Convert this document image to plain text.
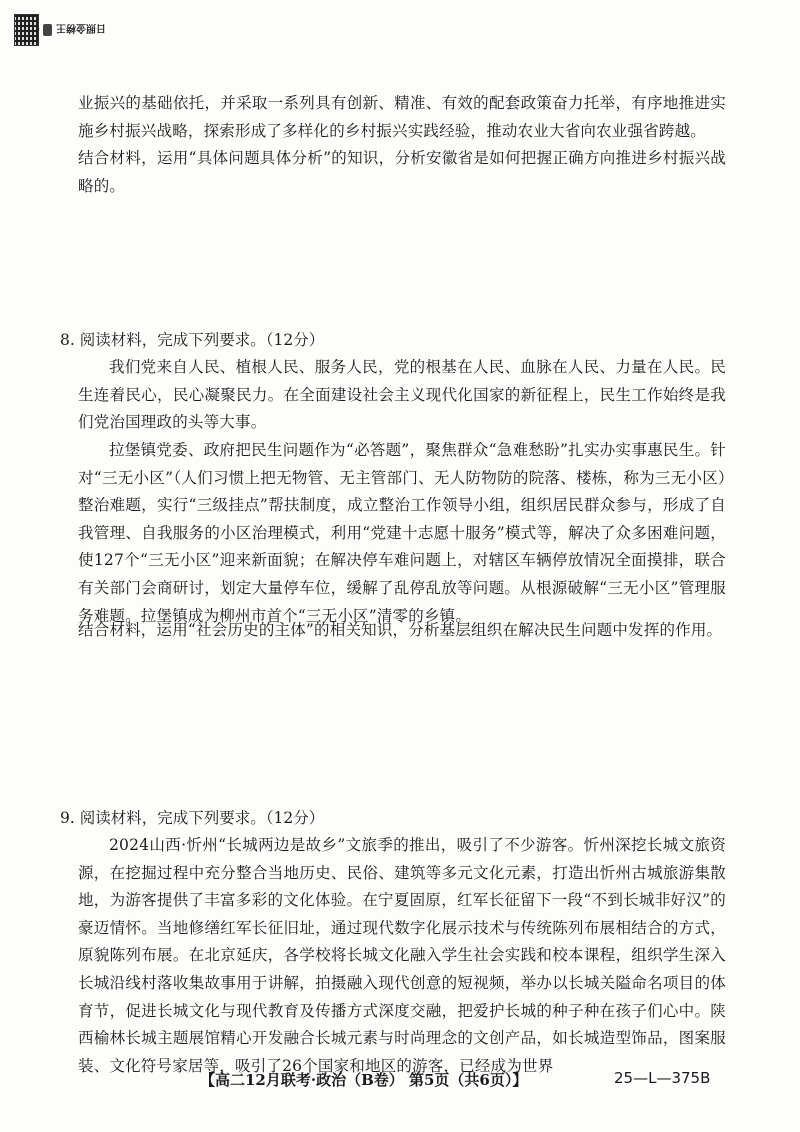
日照金榜王

业振兴的基础依托，并采取一系列具有创新、精准、有效的配套政策奋力托举，有序地推进实施乡村振兴战略，探索形成了多样化的乡村振兴实践经验，推动农业大省向农业强省跨越。

结合材料，运用“具体问题具体分析”的知识，分析安徽省是如何把握正确方向推进乡村振兴战略的。

8. 阅读材料，完成下列要求。（12分）

我们党来自人民、植根人民、服务人民，党的根基在人民、血脉在人民、力量在人民。民生连着民心，民心凝聚民力。在全面建设社会主义现代化国家的新征程上，民生工作始终是我们党治国理政的头等大事。

拉堡镇党委、政府把民生问题作为“必答题”，聚焦群众“急难愁盼”扎实办实事惠民生。针对“三无小区”（人们习惯上把无物管、无主管部门、无人防物防的院落、楼栋，称为三无小区）整治难题，实行“三级挂点”帮扶制度，成立整治工作领导小组，组织居民群众参与，形成了自我管理、自我服务的小区治理模式，利用“党建十志愿十服务”模式等，解决了众多困难问题，使127个“三无小区”迎来新面貌；在解决停车难问题上，对辖区车辆停放情况全面摸排，联合有关部门会商研讨，划定大量停车位，缓解了乱停乱放等问题。从根源破解“三无小区”管理服务难题。拉堡镇成为柳州市首个“三无小区”清零的乡镇。

结合材料，运用“社会历史的主体”的相关知识，分析基层组织在解决民生问题中发挥的作用。

9. 阅读材料，完成下列要求。（12分）

2024山西·忻州“长城两边是故乡”文旅季的推出，吸引了不少游客。忻州深挖长城文旅资源，在挖掘过程中充分整合当地历史、民俗、建筑等多元文化元素，打造出忻州古城旅游集散地，为游客提供了丰富多彩的文化体验。在宁夏固原，红军长征留下一段“不到长城非好汉”的豪迈情怀。当地修缮红军长征旧址，通过现代数字化展示技术与传统陈列布展相结合的方式，原貌陈列布展。在北京延庆，各学校将长城文化融入学生社会实践和校本课程，组织学生深入长城沿线村落收集故事用于讲解，拍摄融入现代创意的短视频，举办以长城关隘命名项目的体育节，促进长城文化与现代教育及传播方式深度交融，把爱护长城的种子种在孩子们心中。陕西榆林长城主题展馆精心开发融合长城元素与时尚理念的文创产品，如长城造型饰品，图案服装、文化符号家居等，吸引了26个国家和地区的游客，已经成为世界

【高二12月联考·政治（B卷） 第5页（共6页）】	25—L—375B
